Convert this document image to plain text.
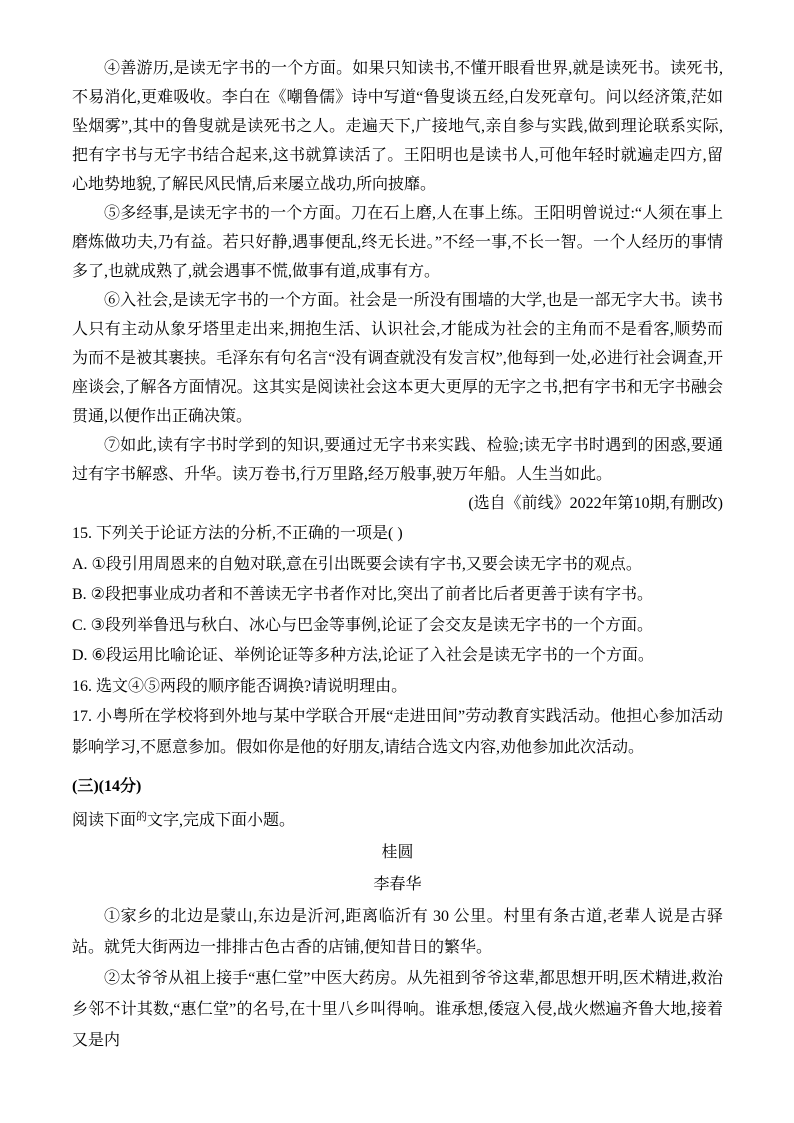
④善游历,是读无字书的一个方面。如果只知读书,不懂开眼看世界,就是读死书。读死书,不易消化,更难吸收。李白在《嘲鲁儒》诗中写道“鲁叟谈五经,白发死章句。问以经济策,茫如坠烟雾”,其中的鲁叟就是读死书之人。走遍天下,广接地气,亲自参与实践,做到理论联系实际,把有字书与无字书结合起来,这书就算读活了。王阳明也是读书人,可他年轻时就遍走四方,留心地势地貌,了解民风民情,后来屡立战功,所向披靡。

⑤多经事,是读无字书的一个方面。刀在石上磨,人在事上练。王阳明曾说过:“人须在事上磨炼做功夫,乃有益。若只好静,遇事便乱,终无长进。”不经一事,不长一智。一个人经历的事情多了,也就成熟了,就会遇事不慌,做事有道,成事有方。

⑥入社会,是读无字书的一个方面。社会是一所没有围墙的大学,也是一部无字大书。读书人只有主动从象牙塔里走出来,拥抱生活、认识社会,才能成为社会的主角而不是看客,顺势而为而不是被其裹挟。毛泽东有句名言“没有调查就没有发言权”,他每到一处,必进行社会调查,开座谈会,了解各方面情况。这其实是阅读社会这本更大更厚的无字之书,把有字书和无字书融会贯通,以便作出正确决策。

⑦如此,读有字书时学到的知识,要通过无字书来实践、检验;读无字书时遇到的困惑,要通过有字书解惑、升华。读万卷书,行万里路,经万般事,驶万年船。人生当如此。

(选自《前线》2022年第10期,有删改)

15. 下列关于论证方法的分析,不正确的一项是( )

A. ①段引用周恩来的自勉对联,意在引出既要会读有字书,又要会读无字书的观点。

B. ②段把事业成功者和不善读无字书者作对比,突出了前者比后者更善于读有字书。

C. ③段列举鲁迅与秋白、冰心与巴金等事例,论证了会交友是读无字书的一个方面。

D. ⑥段运用比喻论证、举例论证等多种方法,论证了入社会是读无字书的一个方面。

16. 选文④⑤两段的顺序能否调换?请说明理由。

17. 小粤所在学校将到外地与某中学联合开展“走进田间”劳动教育实践活动。他担心参加活动影响学习,不愿意参加。假如你是他的好朋友,请结合选文内容,劝他参加此次活动。

(三)(14分)

阅读下面$^的$文字,完成下面小题。

桂圆

李春华

①家乡的北边是蒙山,东边是沂河,距离临沂有 30 公里。村里有条古道,老辈人说是古驿站。就凭大街两边一排排古色古香的店铺,便知昔日的繁华。

②太爷爷从祖上接手“惠仁堂”中医大药房。从先祖到爷爷这辈,都思想开明,医术精进,救治乡邻不计其数,“惠仁堂”的名号,在十里八乡叫得响。谁承想,倭寇入侵,战火燃遍齐鲁大地,接着又是内
